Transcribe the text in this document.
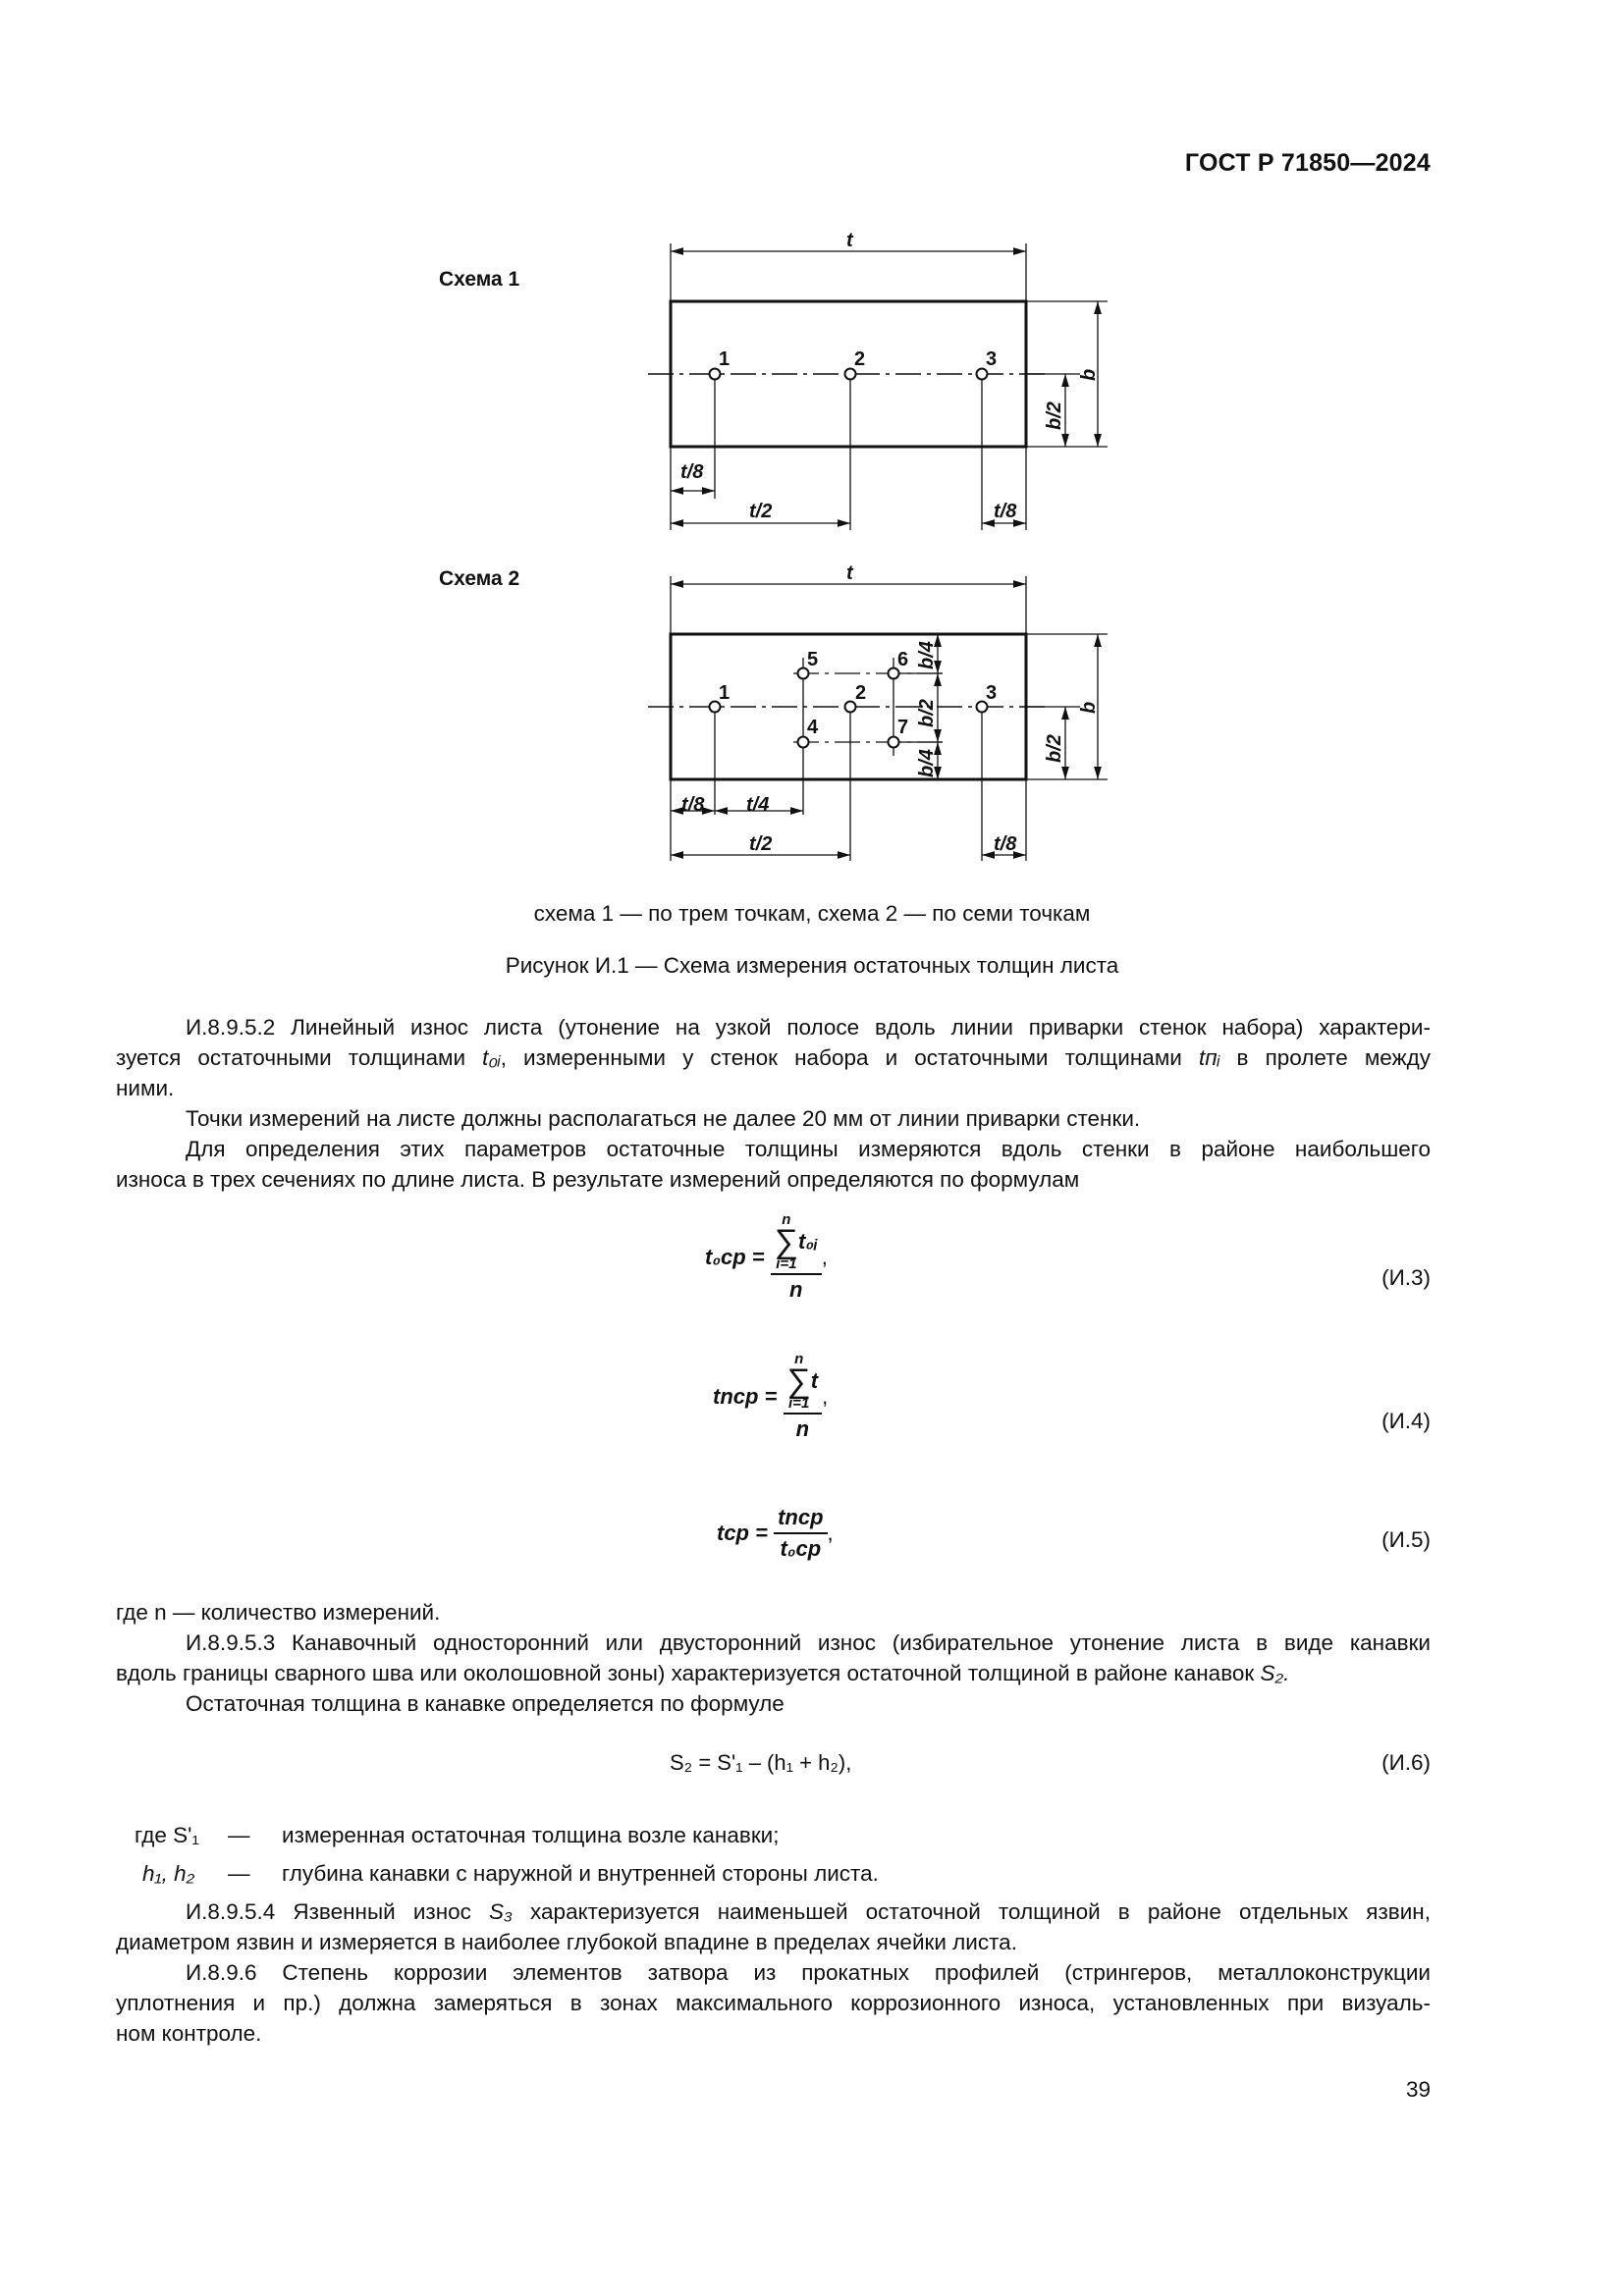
ГОСТ Р 71850—2024
Схема 1
Схема 2
t
1	2	3
b
b/2
t/8
t/2	t/8
t
1	2	3
4
5	6
7
b
b/2
b/4
b/2
b/4
t/8 t/4
t/2	t/8
схема 1 — по трем точкам, схема 2 — по семи точкам
Рисунок И.1 — Схема измерения остаточных толщин листа
И.8.9.5.2 Линейный износ листа (утонение на узкой полосе вдоль линии приварки стенок набора) характери-
зуется остаточными толщинами t₀ᵢ, измеренными у стенок набора и остаточными толщинами tпᵢ в пролете между
ними.
Точки измерений на листе должны располагаться не далее 20 мм от линии приварки стенки.
Для определения этих параметров остаточные толщины измеряются вдоль стенки в районе наибольшего
износа в трех сечениях по длине листа. В результате измерений определяются по формулам
t₀cp = n
∑
i=1
t₀ᵢ
n ,
(И.3)
tncp = n
∑
i=1
t
n ,
(И.4)
tcp = $\frac{\text{tncp}}{\text{t₀cp}}$ ,	(И.5)
где n — количество измерений.
И.8.9.5.3 Канавочный односторонний или двусторонний износ (избирательное утонение листа в виде канавки
вдоль границы сварного шва или околошовной зоны) характеризуется остаточной толщиной в районе канавок S₂.
Остаточная толщина в канавке определяется по формуле
S₂ = S'₁ – (h₁ + h₂),	(И.6)
где S'₁ — измеренная остаточная толщина возле канавки;
h₁, h₂ — глубина канавки с наружной и внутренней стороны листа.
И.8.9.5.4 Язвенный износ S₃ характеризуется наименьшей остаточной толщиной в районе отдельных язвин,
диаметром язвин и измеряется в наиболее глубокой впадине в пределах ячейки листа.
И.8.9.6 Степень коррозии элементов затвора из прокатных профилей (стрингеров, металлоконструкции
уплотнения и пр.) должна замеряться в зонах максимального коррозионного износа, установленных при визуаль-
ном контроле.
39
